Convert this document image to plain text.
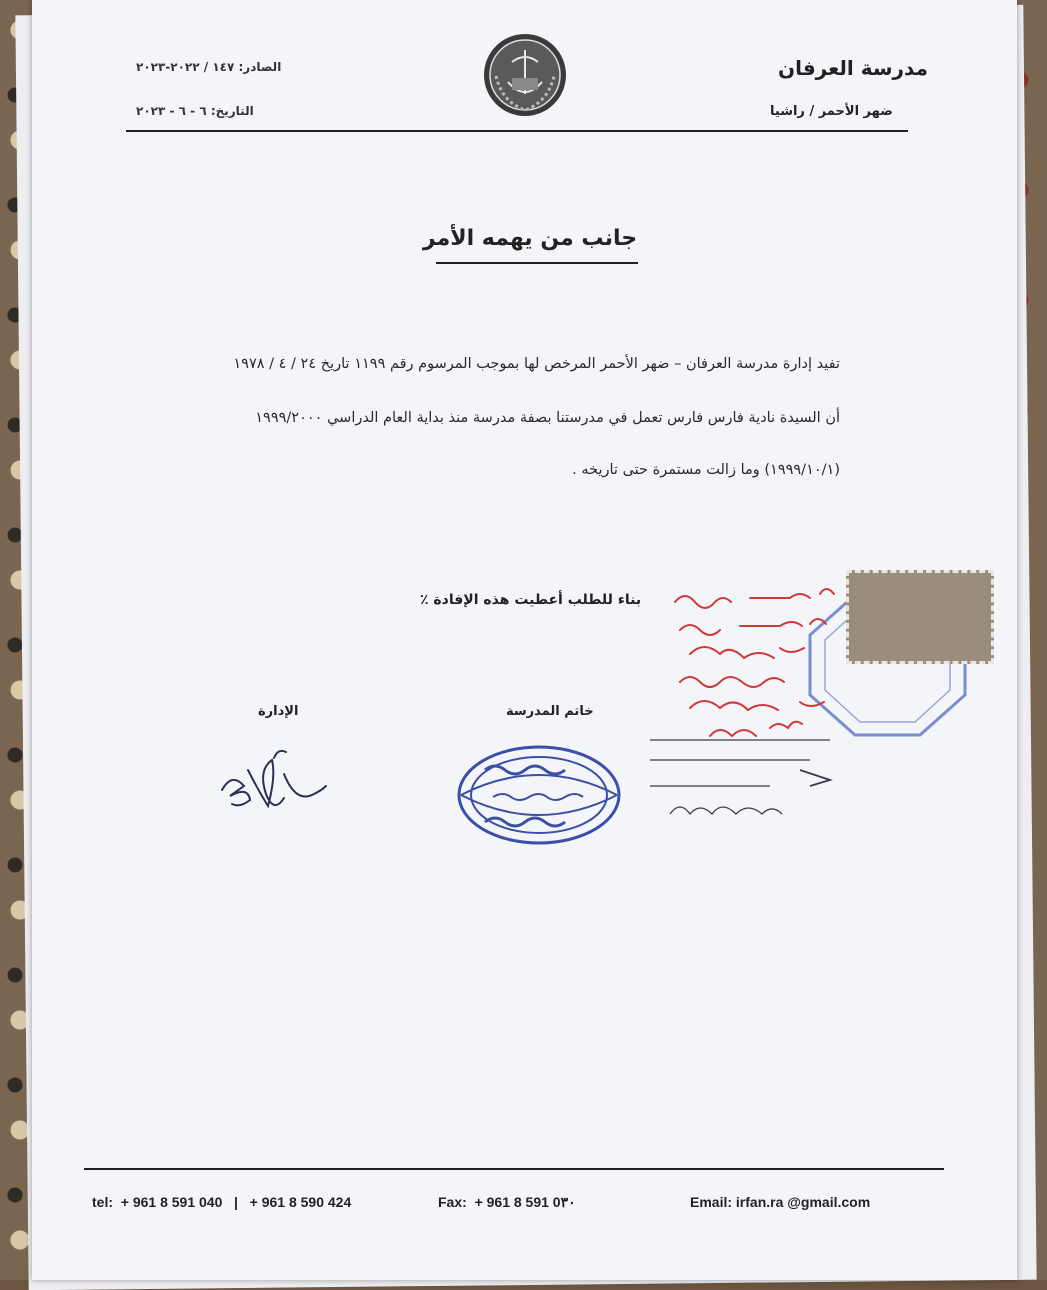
مدرسة العرفان
ضهر الأحمر / راشيا
الصادر: ١٤٧ / ٢٠٢٢-٢٠٢٣
التاريخ: ٦ - ٦ - ٢٠٢٣
جانب من يهمه الأمر
تفيد إدارة مدرسة العرفان – ضهر الأحمر المرخص لها بموجب المرسوم رقم ١١٩٩ تاريخ ٢٤ / ٤ / ١٩٧٨
أن السيدة نادية فارس فارس تعمل في مدرستنا بصفة مدرسة منذ بداية العام الدراسي ١٩٩٩/٢٠٠٠
(١٩٩٩/١٠/١) وما زالت مستمرة حتى تاريخه .
بناء للطلب أعطيت هذه الإفادة ٪
الإدارة	خاتم المدرسة
tel:  + 961 8 591 040   |   + 961 8 590 424	Fax:  + 961 8 591 0٣٠	Email: irfan.ra @gmail.com
